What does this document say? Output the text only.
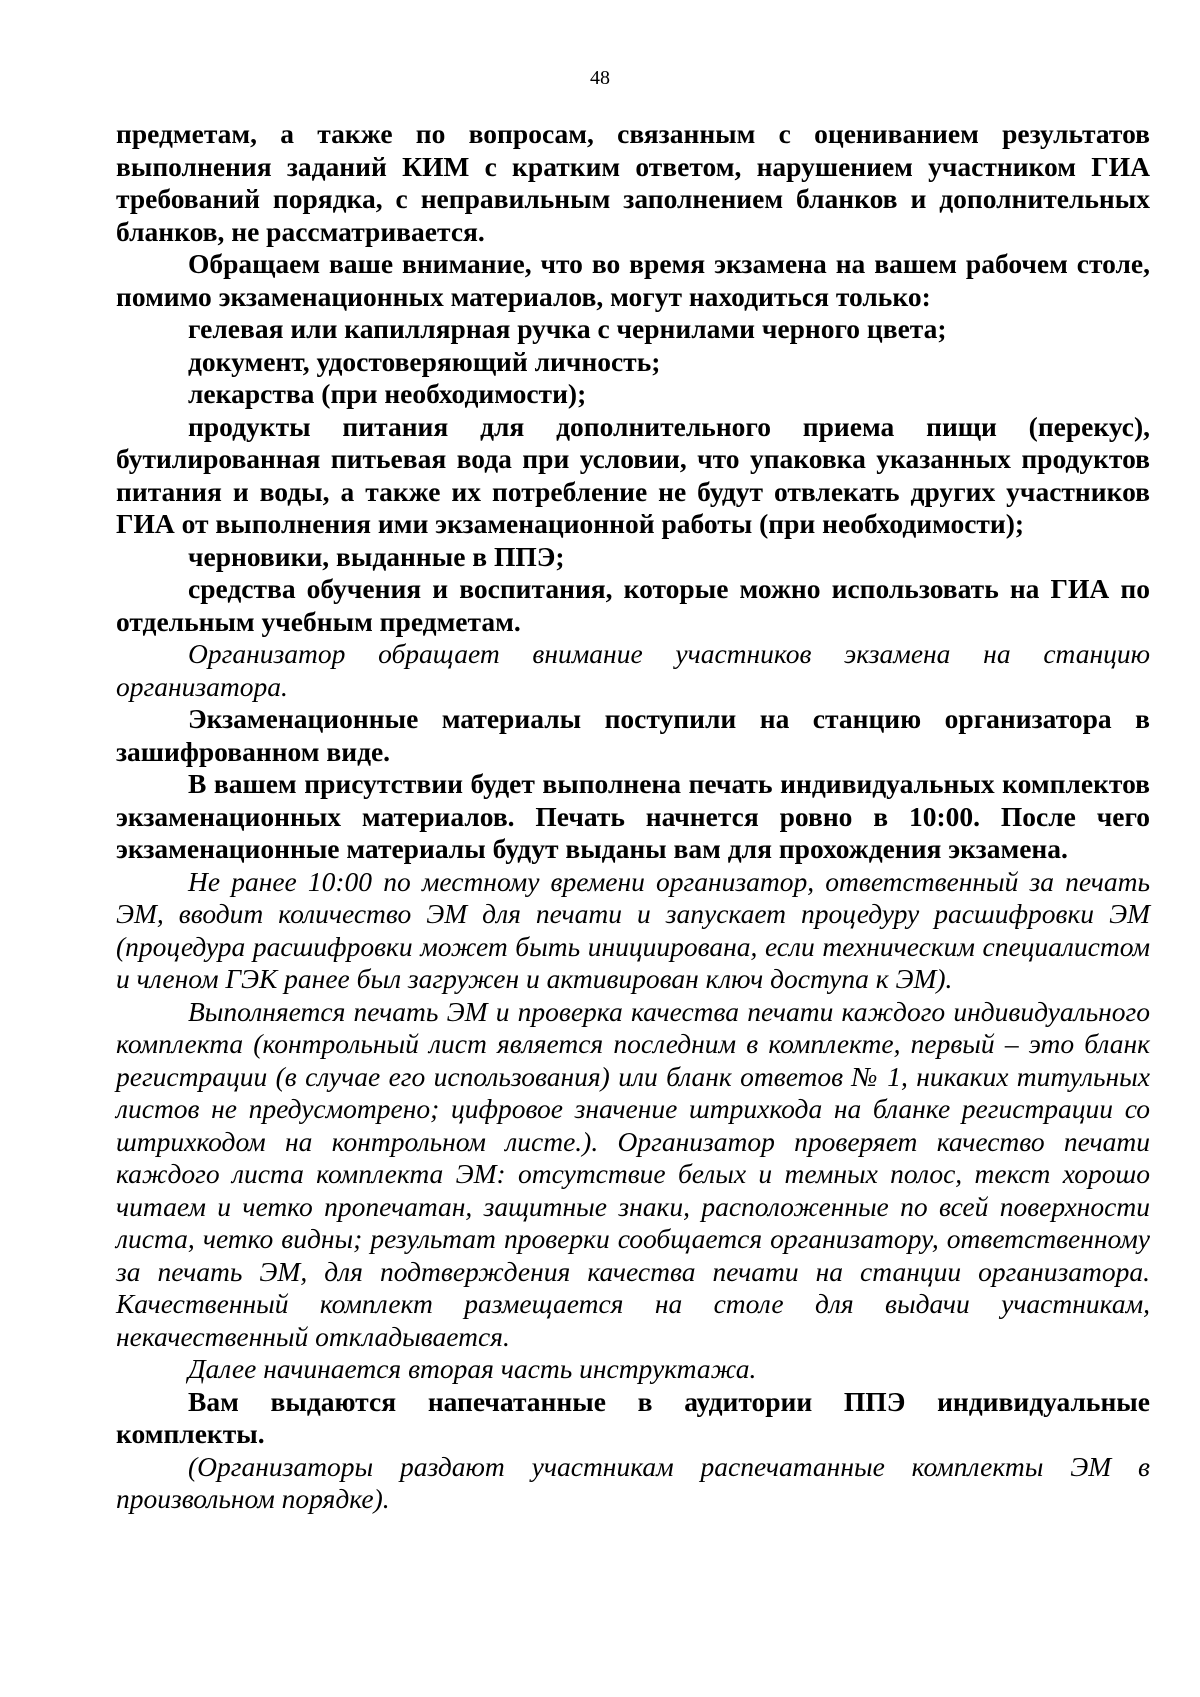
48

предметам, а также по вопросам, связанным с оцениванием результатов выполнения заданий КИМ с кратким ответом, нарушением участником ГИА требований порядка, с неправильным заполнением бланков и дополнительных бланков, не рассматривается.

Обращаем ваше внимание, что во время экзамена на вашем рабочем столе, помимо экзаменационных материалов, могут находиться только:

гелевая или капиллярная ручка с чернилами черного цвета;

документ, удостоверяющий личность;

лекарства (при необходимости);

продукты питания для дополнительного приема пищи (перекус), бутилированная питьевая вода при условии, что упаковка указанных продуктов питания и воды, а также их потребление не будут отвлекать других участников ГИА от выполнения ими экзаменационной работы (при необходимости);

черновики, выданные в ППЭ;

средства обучения и воспитания, которые можно использовать на ГИА по отдельным учебным предметам.

Организатор обращает внимание участников экзамена на станцию организатора.

Экзаменационные материалы поступили на станцию организатора в зашифрованном виде.

В вашем присутствии будет выполнена печать индивидуальных комплектов экзаменационных материалов. Печать начнется ровно в 10:00. После чего экзаменационные материалы будут выданы вам для прохождения экзамена.

Не ранее 10:00 по местному времени организатор, ответственный за печать ЭМ, вводит количество ЭМ для печати и запускает процедуру расшифровки ЭМ (процедура расшифровки может быть инициирована, если техническим специалистом и членом ГЭК ранее был загружен и активирован ключ доступа к ЭМ).

Выполняется печать ЭМ и проверка качества печати каждого индивидуального комплекта (контрольный лист является последним в комплекте, первый – это бланк регистрации (в случае его использования) или бланк ответов № 1, никаких титульных листов не предусмотрено; цифровое значение штрихкода на бланке регистрации со штрихкодом на контрольном листе.). Организатор проверяет качество печати каждого листа комплекта ЭМ: отсутствие белых и темных полос, текст хорошо читаем и четко пропечатан, защитные знаки, расположенные по всей поверхности листа, четко видны; результат проверки сообщается организатору, ответственному за печать ЭМ, для подтверждения качества печати на станции организатора. Качественный комплект размещается на столе для выдачи участникам, некачественный откладывается.

Далее начинается вторая часть инструктажа.

Вам выдаются напечатанные в аудитории ППЭ индивидуальные комплекты.

(Организаторы раздают участникам распечатанные комплекты ЭМ в произвольном порядке).
